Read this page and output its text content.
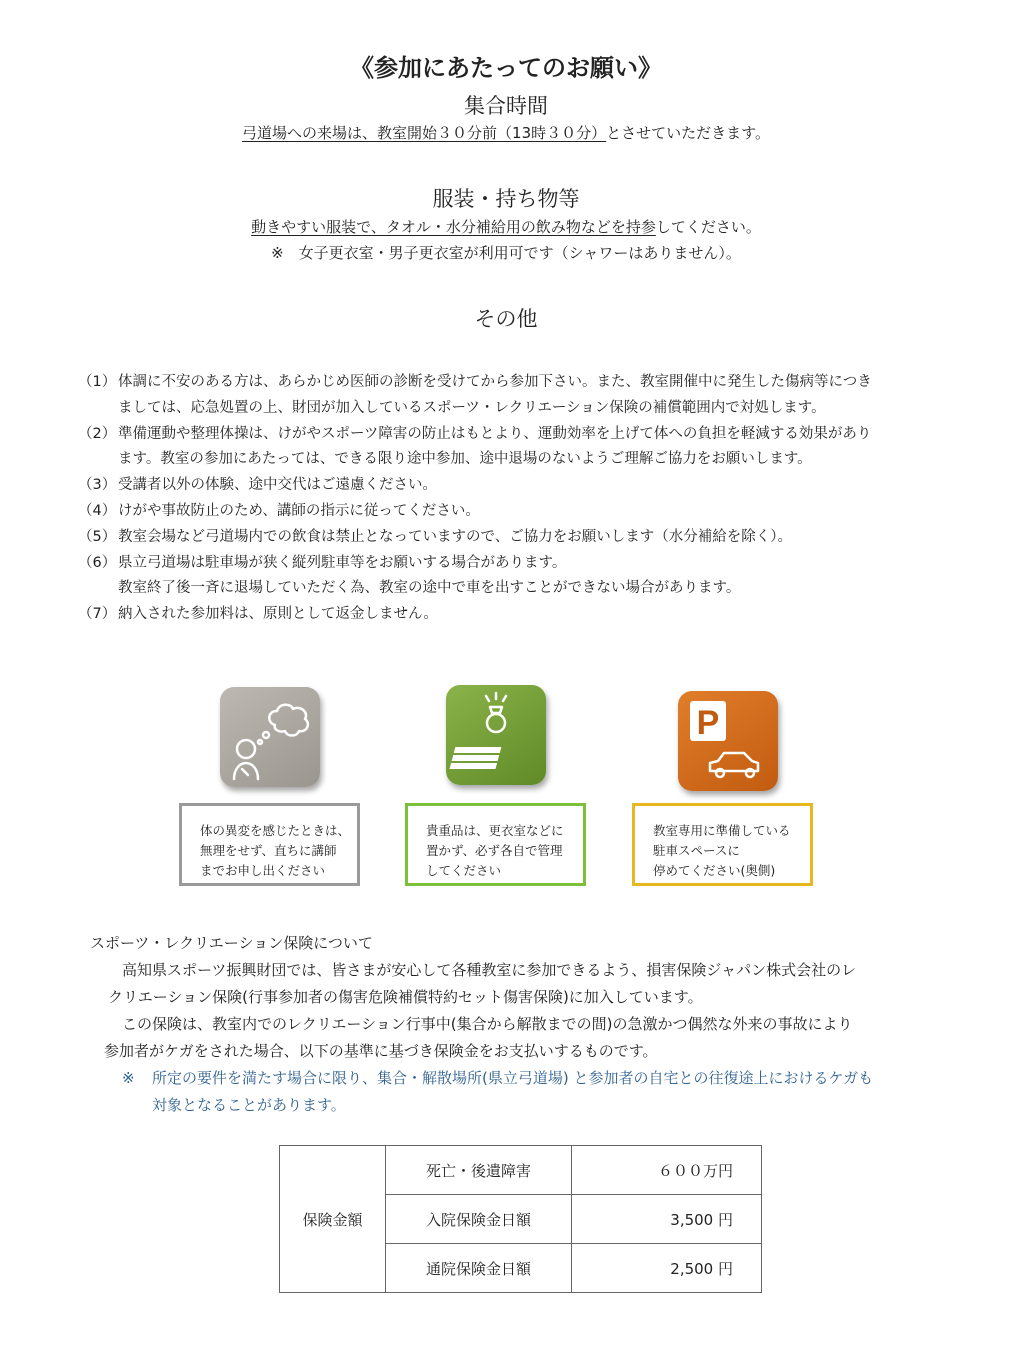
《参加にあたってのお願い》
集合時間
弓道場への来場は、教室開始３０分前（13時３０分）とさせていただきます。
服装・持ち物等
動きやすい服装で、タオル・水分補給用の飲み物などを持参してください。
※　女子更衣室・男子更衣室が利用可です（シャワーはありません）。
その他
（1） 体調に不安のある方は、あらかじめ医師の診断を受けてから参加下さい。また、教室開催中に発生した傷病等につき
ましては、応急処置の上、財団が加入しているスポーツ・レクリエーション保険の補償範囲内で対処します。
（2） 準備運動や整理体操は、けがやスポーツ障害の防止はもとより、運動効率を上げて体への負担を軽減する効果があり
ます。教室の参加にあたっては、できる限り途中参加、途中退場のないようご理解ご協力をお願いします。
（3） 受講者以外の体験、途中交代はご遠慮ください。
（4） けがや事故防止のため、講師の指示に従ってください。
（5） 教室会場など弓道場内での飲食は禁止となっていますので、ご協力をお願いします（水分補給を除く）。
（6） 県立弓道場は駐車場が狭く縦列駐車等をお願いする場合があります。
教室終了後一斉に退場していただく為、教室の途中で車を出すことができない場合があります。
（7） 納入された参加料は、原則として返金しません。
P
体の異変を感じたときは、
無理をせず、直ちに講師
までお申し出ください
貴重品は、更衣室などに
置かず、必ず各自で管理
してください
教室専用に準備している
駐車スペースに
停めてください(奥側)
スポーツ・レクリエーション保険について
高知県スポーツ振興財団では、皆さまが安心して各種教室に参加できるよう、損害保険ジャパン株式会社のレ
クリエーション保険(行事参加者の傷害危険補償特約セット傷害保険)に加入しています。
この保険は、教室内でのレクリエーション行事中(集合から解散までの間)の急激かつ偶然な外来の事故により
参加者がケガをされた場合、以下の基準に基づき保険金をお支払いするものです。
※	所定の要件を満たす場合に限り、集合・解散場所(県立弓道場) と参加者の自宅との往復途上におけるケガも
対象となることがあります。
保険金額	死亡・後遺障害	６００万円
	入院保険金日額	3,500 円
	通院保険金日額	2,500 円
